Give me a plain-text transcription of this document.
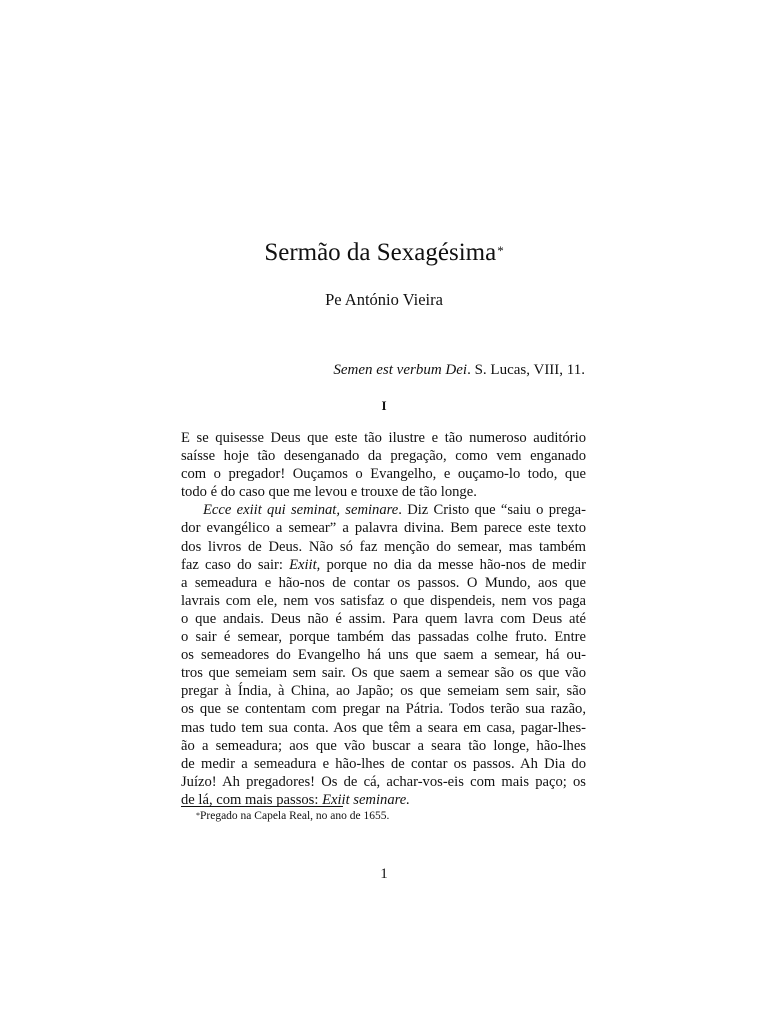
Sermão da Sexagésima*
Pe António Vieira
Semen est verbum Dei. S. Lucas, VIII, 11.
I

E se quisesse Deus que este tão ilustre e tão numeroso auditório
saísse hoje tão desenganado da pregação, como vem enganado
com o pregador! Ouçamos o Evangelho, e ouçamo-lo todo, que
todo é do caso que me levou e trouxe de tão longe.

Ecce exiit qui seminat, seminare. Diz Cristo que “saiu o prega-
dor evangélico a semear” a palavra divina. Bem parece este texto
dos livros de Deus. Não só faz menção do semear, mas também
faz caso do sair: Exiit, porque no dia da messe hão-nos de medir
a semeadura e hão-nos de contar os passos. O Mundo, aos que
lavrais com ele, nem vos satisfaz o que dispendeis, nem vos paga
o que andais. Deus não é assim. Para quem lavra com Deus até
o sair é semear, porque também das passadas colhe fruto. Entre
os semeadores do Evangelho há uns que saem a semear, há ou-
tros que semeiam sem sair. Os que saem a semear são os que vão
pregar à Índia, à China, ao Japão; os que semeiam sem sair, são
os que se contentam com pregar na Pátria. Todos terão sua razão,
mas tudo tem sua conta. Aos que têm a seara em casa, pagar-lhes-
ão a semeadura; aos que vão buscar a seara tão longe, hão-lhes
de medir a semeadura e hão-lhes de contar os passos. Ah Dia do
Juízo! Ah pregadores! Os de cá, achar-vos-eis com mais paço; os
de lá, com mais passos: Exiit seminare.

*Pregado na Capela Real, no ano de 1655.
1
